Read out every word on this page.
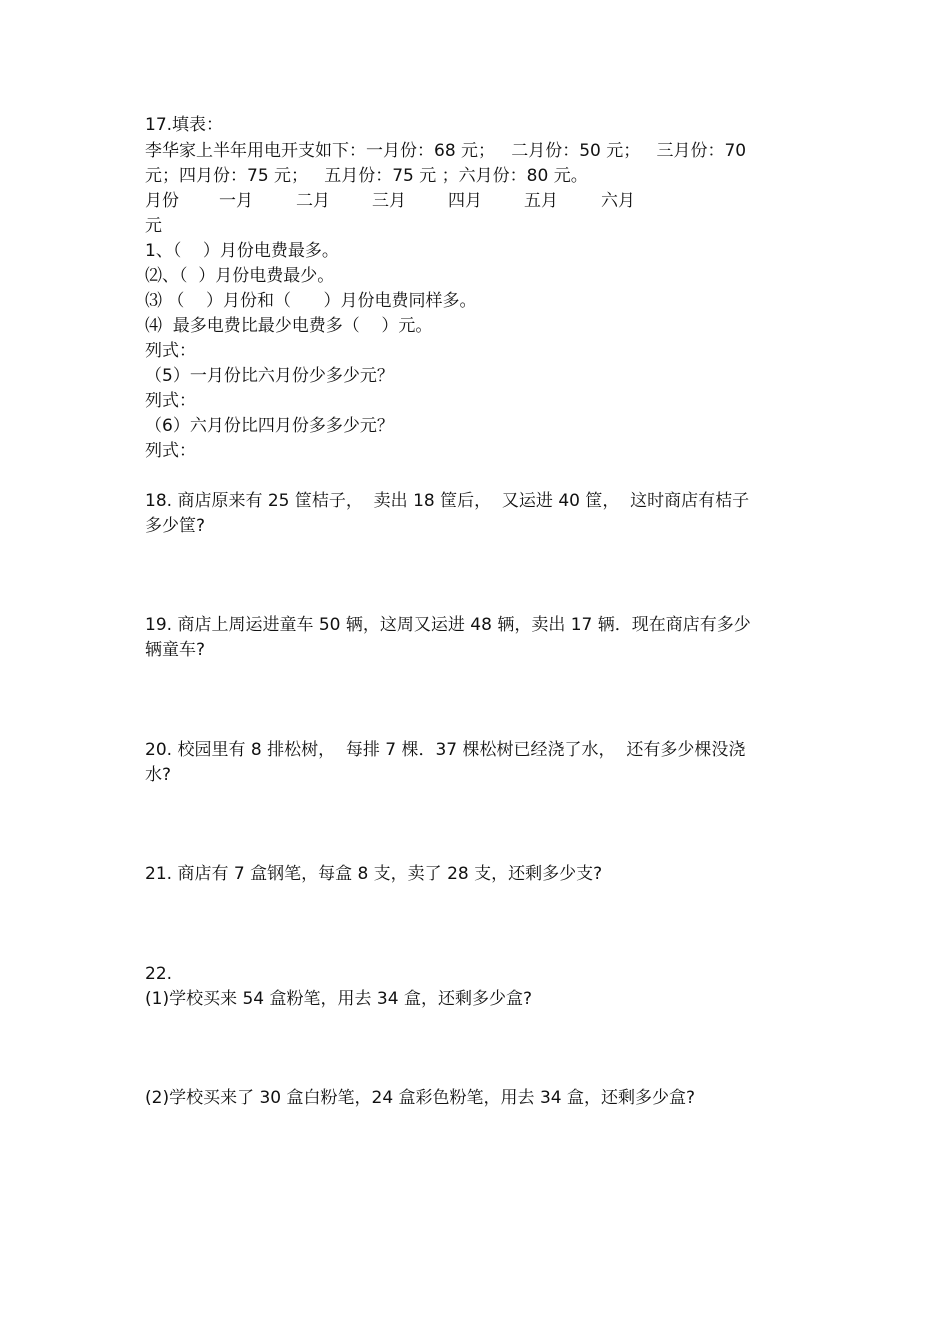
17.填表：

李华家上半年用电开支如下：一月份：68 元；   二月份：50 元；   三月份：70

元；四月份：75 元；   五月份：75 元 ；六月份：80 元。

月份	一月	二月	三月	四月	五月	六月

元

1、（    ）月份电费最多。

⑵、（  ）月份电费最少。

⑶ （    ）月份和（      ）月份电费同样多。

⑷  最多电费比最少电费多（    ）元。

列式：

（5）一月份比六月份少多少元？

列式：

（6）六月份比四月份多多少元？

列式：

18. 商店原来有 25 筐桔子，  卖出 18 筐后，  又运进 40 筐，  这时商店有桔子

多少筐?

19. 商店上周运进童车 50 辆，这周又运进 48 辆，卖出 17 辆．现在商店有多少

辆童车?

20. 校园里有 8 排松树，  每排 7 棵．37 棵松树已经浇了水，  还有多少棵没浇

水?

21. 商店有 7 盒钢笔，每盒 8 支，卖了 28 支，还剩多少支?

22.

(1)学校买来 54 盒粉笔，用去 34 盒，还剩多少盒?

(2)学校买来了 30 盒白粉笔，24 盒彩色粉笔，用去 34 盒，还剩多少盒?
